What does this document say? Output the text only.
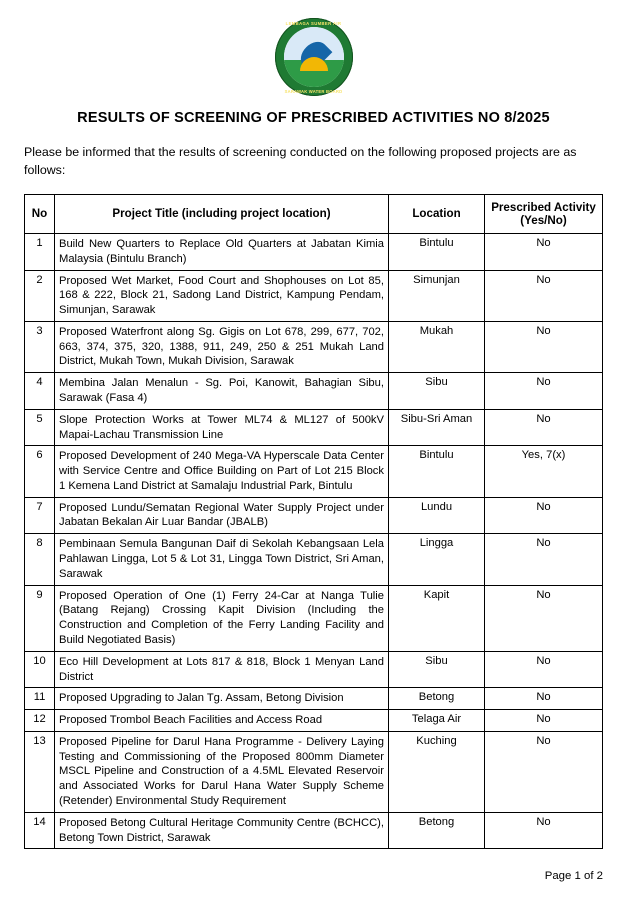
LEMBAGA SUMBER AIR
SARAWAK WATER BOARD
RESULTS OF SCREENING OF PRESCRIBED ACTIVITIES NO 8/2025

Please be informed that the results of screening conducted on the following proposed projects are as follows:

No	Project Title (including project location)	Location	Prescribed Activity (Yes/No)
1	Build New Quarters to Replace Old Quarters at Jabatan Kimia Malaysia (Bintulu Branch)	Bintulu	No
2	Proposed Wet Market, Food Court and Shophouses on Lot 85, 168 & 222, Block 21, Sadong Land District, Kampung Pendam, Simunjan, Sarawak	Simunjan	No
3	Proposed Waterfront along Sg. Gigis on Lot 678, 299, 677, 702, 663, 374, 375, 320, 1388, 911, 249, 250 & 251 Mukah Land District, Mukah Town, Mukah Division, Sarawak	Mukah	No
4	Membina Jalan Menalun - Sg. Poi, Kanowit, Bahagian Sibu, Sarawak (Fasa 4)	Sibu	No
5	Slope Protection Works at Tower ML74 & ML127 of 500kV Mapai-Lachau Transmission Line	Sibu-Sri Aman	No
6	Proposed Development of 240 Mega-VA Hyperscale Data Center with Service Centre and Office Building on Part of Lot 215 Block 1 Kemena Land District at Samalaju Industrial Park, Bintulu	Bintulu	Yes, 7(x)
7	Proposed Lundu/Sematan Regional Water Supply Project under Jabatan Bekalan Air Luar Bandar (JBALB)	Lundu	No
8	Pembinaan Semula Bangunan Daif di Sekolah Kebangsaan Lela Pahlawan Lingga, Lot 5 & Lot 31, Lingga Town District, Sri Aman, Sarawak	Lingga	No
9	Proposed Operation of One (1) Ferry 24-Car at Nanga Tulie (Batang Rejang) Crossing Kapit Division (Including the Construction and Completion of the Ferry Landing Facility and Build Negotiated Basis)	Kapit	No
10	Eco Hill Development at Lots 817 & 818, Block 1 Menyan Land District	Sibu	No
11	Proposed Upgrading to Jalan Tg. Assam, Betong Division	Betong	No
12	Proposed Trombol Beach Facilities and Access Road	Telaga Air	No
13	Proposed Pipeline for Darul Hana Programme - Delivery Laying Testing and Commissioning of the Proposed 800mm Diameter MSCL Pipeline and Construction of a 4.5ML Elevated Reservoir and Associated Works for Darul Hana Water Supply Scheme (Retender) Environmental Study Requirement	Kuching	No
14	Proposed Betong Cultural Heritage Community Centre (BCHCC), Betong Town District, Sarawak	Betong	No
Page 1 of 2
